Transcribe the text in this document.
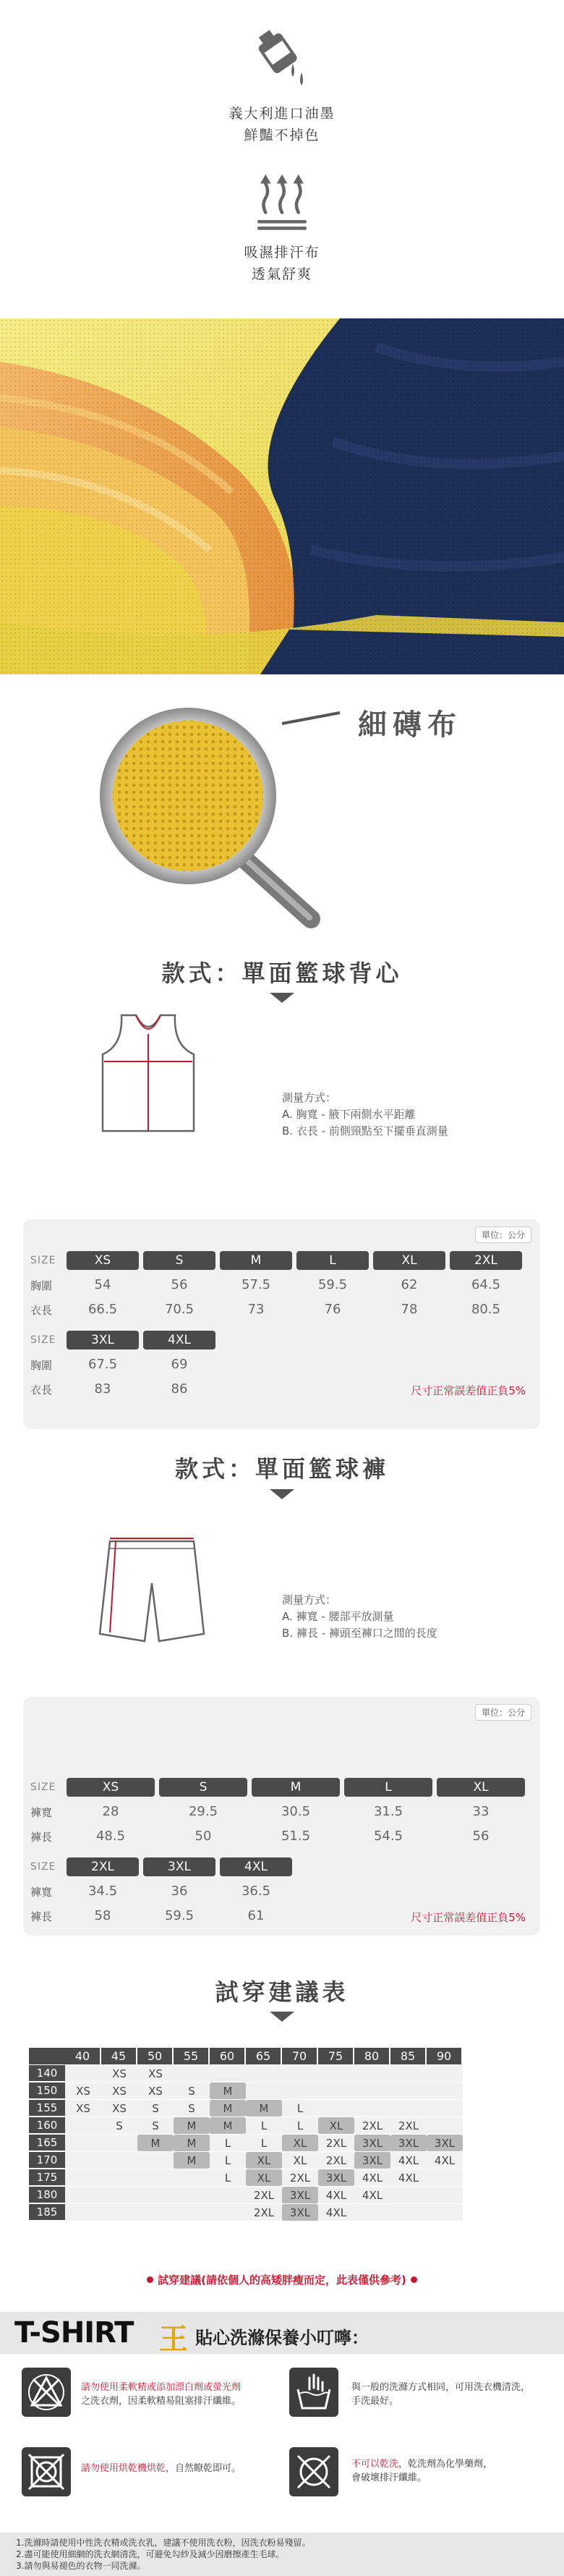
義大利進口油墨
鮮豔不掉色
吸濕排汗布
透氣舒爽
細磚布
款式：單面籃球背心
測量方式：
A. 胸寬 - 腋下兩側水平距離
B. 衣長 - 前側頸點至下擺垂直測量
單位：公分
SIZE	XS	S	M	L	XL	2XL
胸圍	54	56	57.5	59.5	62	64.5
衣長	66.5	70.5	73	76	78	80.5
SIZE	3XL	4XL
胸圍	67.5	69
衣長	83	86	尺寸正常誤差值正負5%
款式：單面籃球褲
測量方式：
A. 褲寬 - 腰部平放測量
B. 褲長 - 褲頭至褲口之間的長度
單位：公分
SIZE	XS	S	M	L	XL
褲寬	28	29.5	30.5	31.5	33
褲長	48.5	50	51.5	54.5	56
SIZE	2XL	3XL	4XL
褲寬	34.5	36	36.5
褲長	58	59.5	61	尺寸正常誤差值正負5%
試穿建議表
	40	45	50	55	60	65	70	75	80	85	90
140		XS	XS								
150	XS	XS	XS	S	M						
155	XS	XS	S	S	M	M	L				
160		S	S	M	M	L	L	XL	2XL	2XL	
165			M	M	L	L	XL	2XL	3XL	3XL	3XL
170				M	L	XL	XL	2XL	3XL	4XL	4XL
175					L	XL	2XL	3XL	4XL	4XL	
180						2XL	3XL	4XL	4XL		
185						2XL	3XL	4XL			
試穿建議(請依個人的高矮胖瘦而定，此表僅供參考)
T-SHIRT 王 貼心洗滌保養小叮嚀：
請勿使用柔軟精或添加漂白劑或螢光劑
之洗衣劑，因柔軟精易阻塞排汗纖維。
與一般的洗滌方式相同，可用洗衣機清洗，
手洗最好。
請勿使用烘乾機烘乾，自然瞭乾即可。	不可以乾洗，乾洗劑為化學藥劑，
會破壞排汗纖維。
1.洗滌時請使用中性洗衣精或洗衣乳，建議不使用洗衣粉，因洗衣粉易殘留。
2.盡可能使用細網的洗衣網清洗，可避免勾紗及減少因磨擦產生毛球。
3.請勿與易褪色的衣物一同洗滌。
